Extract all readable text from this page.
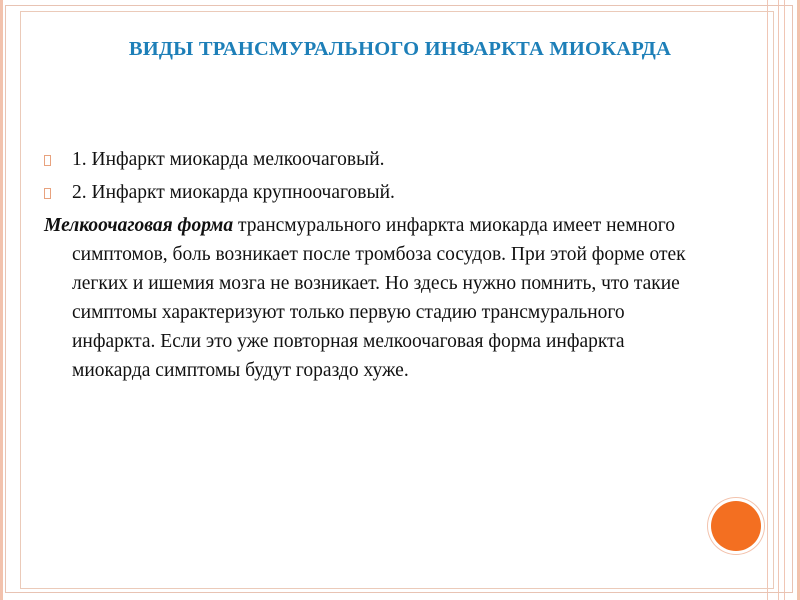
ВИДЫ ТРАНСМУРАЛЬНОГО ИНФАРКТА МИОКАРДА
1. Инфаркт миокарда мелкоочаговый.
2. Инфаркт миокарда крупноочаговый.
Мелкоочаговая форма трансмурального инфаркта миокарда имеет немного симптомов, боль возникает после тромбоза сосудов. При этой форме отек легких и ишемия мозга не возникает. Но здесь нужно помнить, что такие симптомы характеризуют только первую стадию трансмурального инфаркта. Если это уже повторная мелкоочаговая форма инфаркта миокарда симптомы будут гораздо хуже.
